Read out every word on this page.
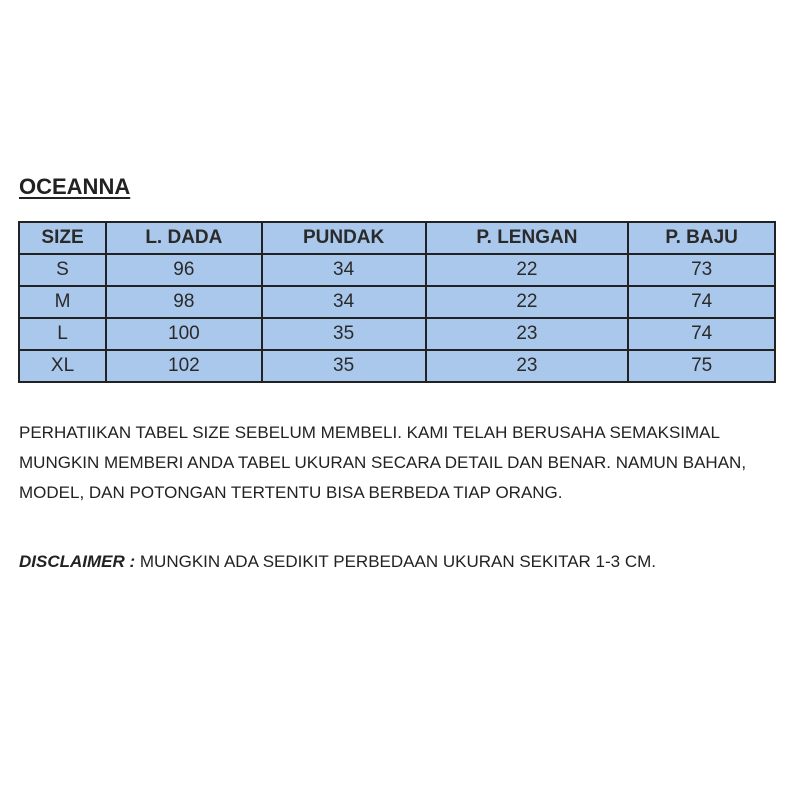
OCEANNA
SIZE	L. DADA	PUNDAK	P. LENGAN	P. BAJU
S	96	34	22	73
M	98	34	22	74
L	100	35	23	74
XL	102	35	23	75
PERHATIIKAN TABEL SIZE SEBELUM MEMBELI. KAMI TELAH BERUSAHA SEMAKSIMAL MUNGKIN MEMBERI ANDA TABEL UKURAN SECARA DETAIL DAN BENAR. NAMUN BAHAN, MODEL, DAN POTONGAN TERTENTU BISA BERBEDA TIAP ORANG.
DISCLAIMER : MUNGKIN ADA SEDIKIT PERBEDAAN UKURAN SEKITAR 1-3 CM.
